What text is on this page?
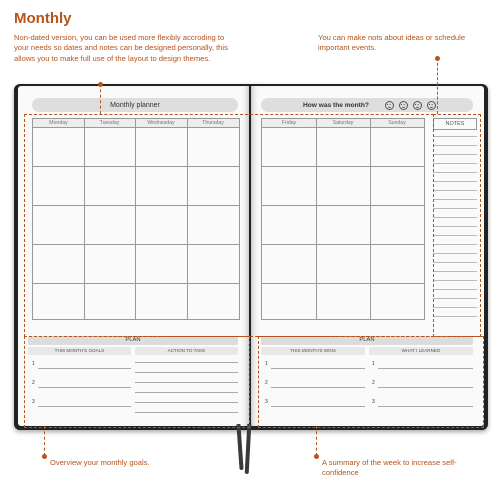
Monthly
Non-dated version, you can be used more flexibly accroding to your needs so dates and notes can be designed personally, this allows you to make full use of the layout to design themes.
You can make nots about ideas or schedule important events.
Overview your monthly goals.	A summary of the week to increase self-confidence
Monthly planner
Monday	Tuesday	Wednesday	Thursday
PLAN
THIS MONTH'S GOALS	ACTION TO TAKE
1
2
3
How was the month?
Friday	Saturday	Sunday	NOTES
PLAN
THIS MONTH'S WINS	WHAT I LEARNED
1
2
3
1
2
3
